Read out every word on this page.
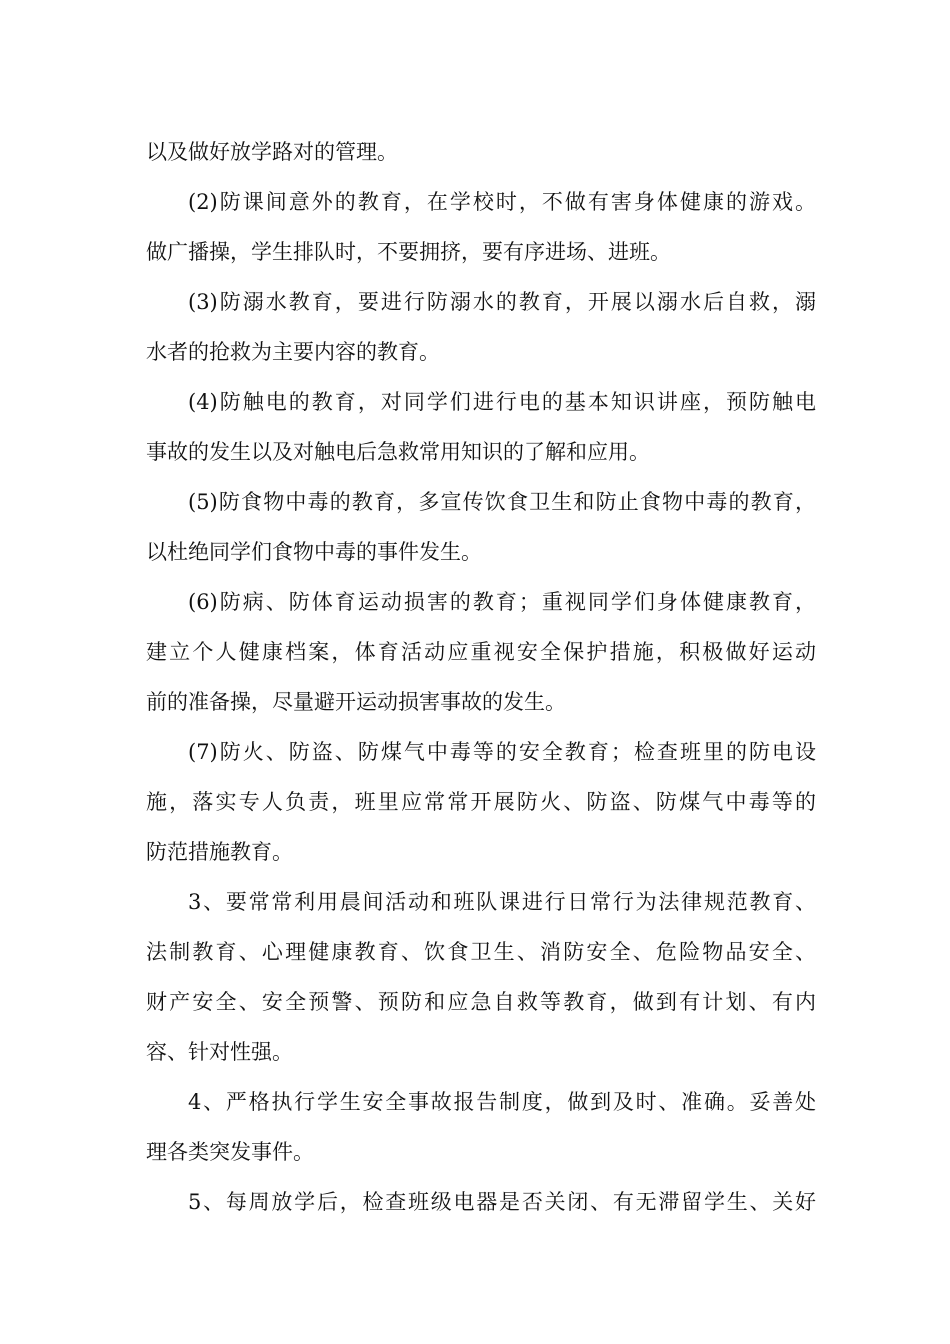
以及做好放学路对的管理。
(2)防课间意外的教育，在学校时，不做有害身体健康的游戏。
做广播操，学生排队时，不要拥挤，要有序进场、进班。
(3)防溺水教育，要进行防溺水的教育，开展以溺水后自救，溺
水者的抢救为主要内容的教育。
(4)防触电的教育，对同学们进行电的基本知识讲座，预防触电
事故的发生以及对触电后急救常用知识的了解和应用。
(5)防食物中毒的教育，多宣传饮食卫生和防止食物中毒的教育，
以杜绝同学们食物中毒的事件发生。
(6)防病、防体育运动损害的教育；重视同学们身体健康教育，
建立个人健康档案，体育活动应重视安全保护措施，积极做好运动
前的准备操，尽量避开运动损害事故的发生。
(7)防火、防盗、防煤气中毒等的安全教育；检查班里的防电设
施，落实专人负责，班里应常常开展防火、防盗、防煤气中毒等的
防范措施教育。
3、要常常利用晨间活动和班队课进行日常行为法律规范教育、
法制教育、心理健康教育、饮食卫生、消防安全、危险物品安全、
财产安全、安全预警、预防和应急自救等教育，做到有计划、有内
容、针对性强。
4、严格执行学生安全事故报告制度，做到及时、准确。妥善处
理各类突发事件。
5、每周放学后，检查班级电器是否关闭、有无滞留学生、关好
